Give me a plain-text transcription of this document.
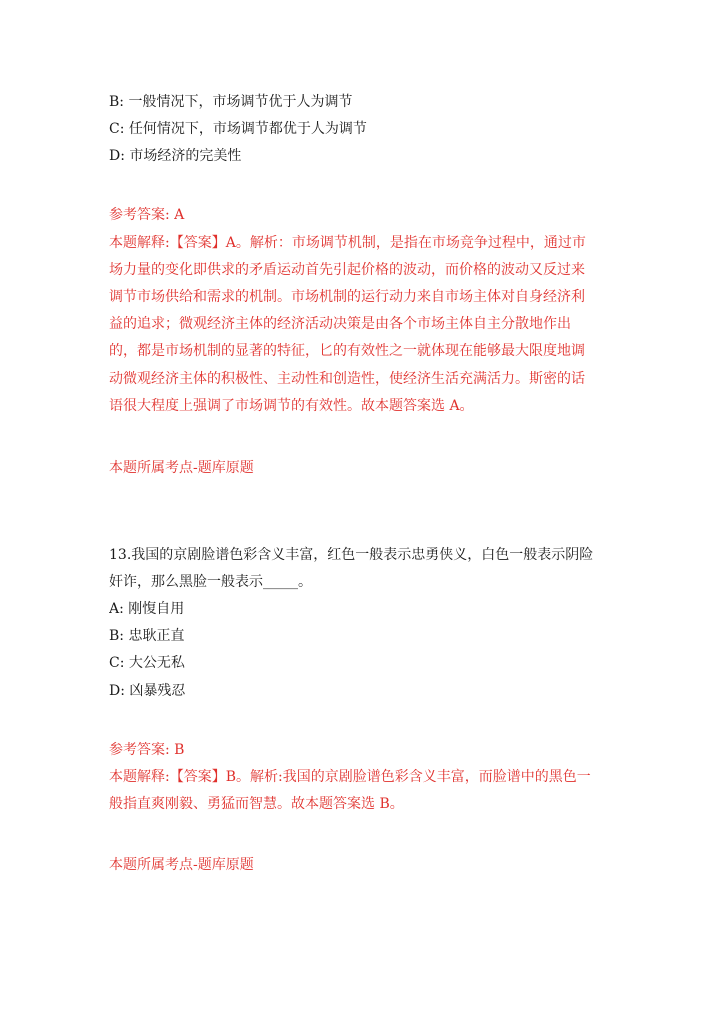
B: 一般情况下，市场调节优于人为调节
C: 任何情况下，市场调节都优于人为调节
D: 市场经济的完美性
参考答案: A
本题解释:【答案】A。解析：市场调节机制，是指在市场竞争过程中，通过市
场力量的变化即供求的矛盾运动首先引起价格的波动，而价格的波动又反过来
调节市场供给和需求的机制。市场机制的运行动力来自市场主体对自身经济利
益的追求；微观经济主体的经济活动决策是由各个市场主体自主分散地作出
的，都是市场机制的显著的特征，匕的有效性之一就体现在能够最大限度地调
动微观经济主体的积极性、主动性和创造性，使经济生活充满活力。斯密的话
语很大程度上强调了市场调节的有效性。故本题答案选 A。
本题所属考点-题库原题
13.我国的京剧脸谱色彩含义丰富，红色一般表示忠勇侠义，白色一般表示阴险
奸诈，那么黑脸一般表示_____。
A: 刚愎自用
B: 忠耿正直
C: 大公无私
D: 凶暴残忍
参考答案: B
本题解释:【答案】B。解析:我国的京剧脸谱色彩含义丰富，而脸谱中的黑色一
般指直爽刚毅、勇猛而智慧。故本题答案选 B。
本题所属考点-题库原题
